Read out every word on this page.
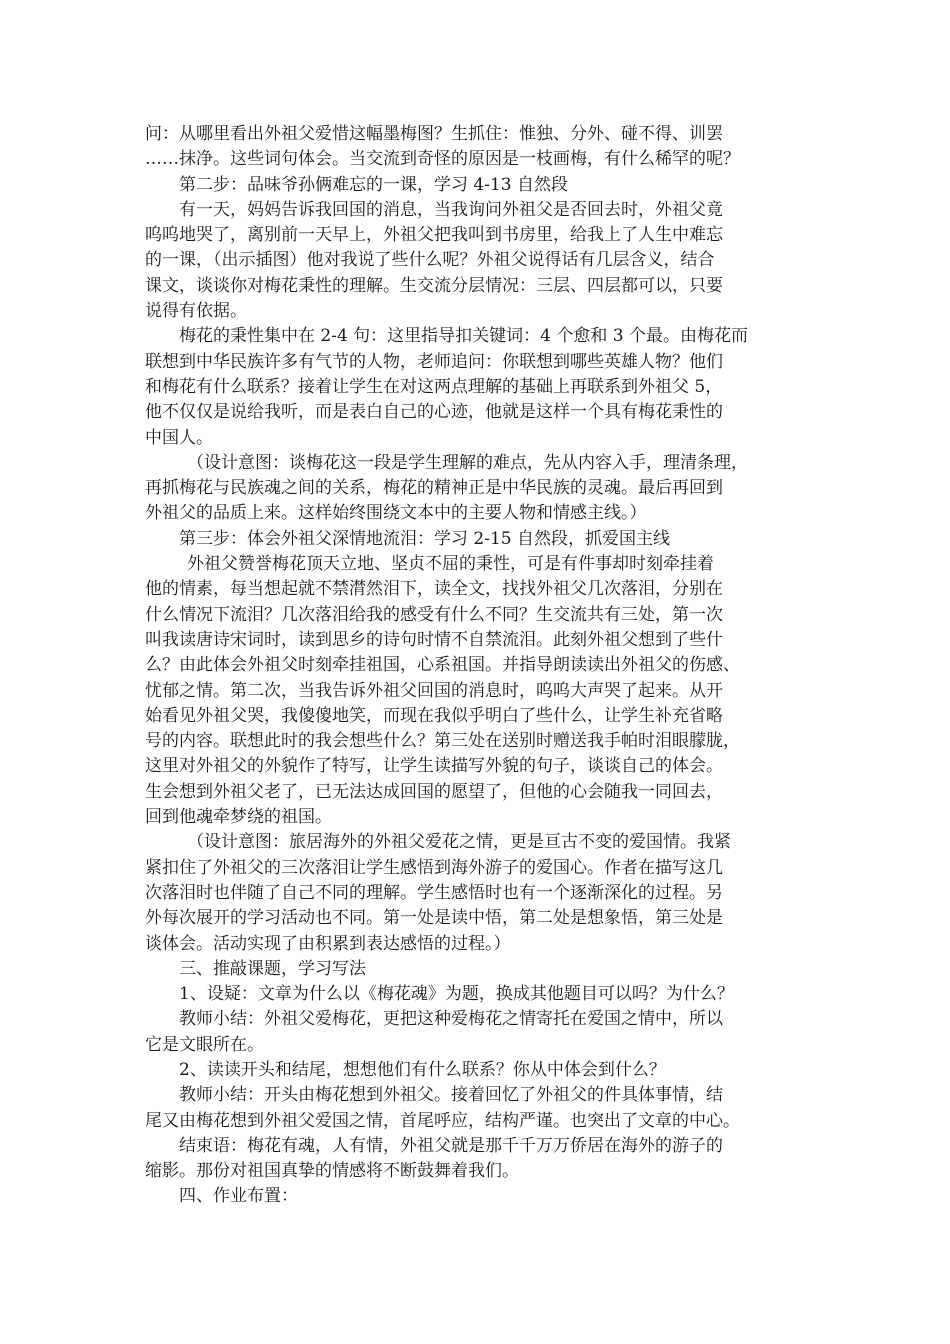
问：从哪里看出外祖父爱惜这幅墨梅图？生抓住：惟独、分外、碰不得、训罢
……抹净。这些词句体会。当交流到奇怪的原因是一枝画梅，有什么稀罕的呢？
第二步：品味爷孙俩难忘的一课，学习 4-13 自然段
有一天，妈妈告诉我回国的消息，当我询问外祖父是否回去时，外祖父竟
呜呜地哭了，离别前一天早上，外祖父把我叫到书房里，给我上了人生中难忘
的一课，（出示插图）他对我说了些什么呢？外祖父说得话有几层含义，结合
课文，谈谈你对梅花秉性的理解。生交流分层情况：三层、四层都可以，只要
说得有依据。
梅花的秉性集中在 2-4 句：这里指导扣关键词：4 个愈和 3 个最。由梅花而
联想到中华民族许多有气节的人物，老师追问：你联想到哪些英雄人物？他们
和梅花有什么联系？接着让学生在对这两点理解的基础上再联系到外祖父 5，
他不仅仅是说给我听，而是表白自己的心迹，他就是这样一个具有梅花秉性的
中国人。
（设计意图：谈梅花这一段是学生理解的难点，先从内容入手，理清条理，
再抓梅花与民族魂之间的关系，梅花的精神正是中华民族的灵魂。最后再回到
外祖父的品质上来。这样始终围绕文本中的主要人物和情感主线。）
第三步：体会外祖父深情地流泪：学习 2-15 自然段，抓爱国主线
外祖父赞誉梅花顶天立地、坚贞不屈的秉性，可是有件事却时刻牵挂着
他的情素，每当想起就不禁潸然泪下，读全文，找找外祖父几次落泪，分别在
什么情况下流泪？几次落泪给我的感受有什么不同？生交流共有三处，第一次
叫我读唐诗宋词时，读到思乡的诗句时情不自禁流泪。此刻外祖父想到了些什
么？由此体会外祖父时刻牵挂祖国，心系祖国。并指导朗读读出外祖父的伤感、
忧郁之情。第二次，当我告诉外祖父回国的消息时，呜呜大声哭了起来。从开
始看见外祖父哭，我傻傻地笑，而现在我似乎明白了些什么，让学生补充省略
号的内容。联想此时的我会想些什么？第三处在送别时赠送我手帕时泪眼朦胧，
这里对外祖父的外貌作了特写，让学生读描写外貌的句子，谈谈自己的体会。
生会想到外祖父老了，已无法达成回国的愿望了，但他的心会随我一同回去，
回到他魂牵梦绕的祖国。
（设计意图：旅居海外的外祖父爱花之情，更是亘古不变的爱国情。我紧
紧扣住了外祖父的三次落泪让学生感悟到海外游子的爱国心。作者在描写这几
次落泪时也伴随了自己不同的理解。学生感悟时也有一个逐渐深化的过程。另
外每次展开的学习活动也不同。第一处是读中悟，第二处是想象悟，第三处是
谈体会。活动实现了由积累到表达感悟的过程。）
三、推敲课题，学习写法
1、设疑：文章为什么以《梅花魂》为题，换成其他题目可以吗？为什么？
教师小结：外祖父爱梅花，更把这种爱梅花之情寄托在爱国之情中，所以
它是文眼所在。
2、读读开头和结尾，想想他们有什么联系？你从中体会到什么？
教师小结：开头由梅花想到外祖父。接着回忆了外祖父的件具体事情，结
尾又由梅花想到外祖父爱国之情，首尾呼应，结构严谨。也突出了文章的中心。
结束语：梅花有魂，人有情，外祖父就是那千千万万侨居在海外的游子的
缩影。那份对祖国真挚的情感将不断鼓舞着我们。
四、作业布置：
